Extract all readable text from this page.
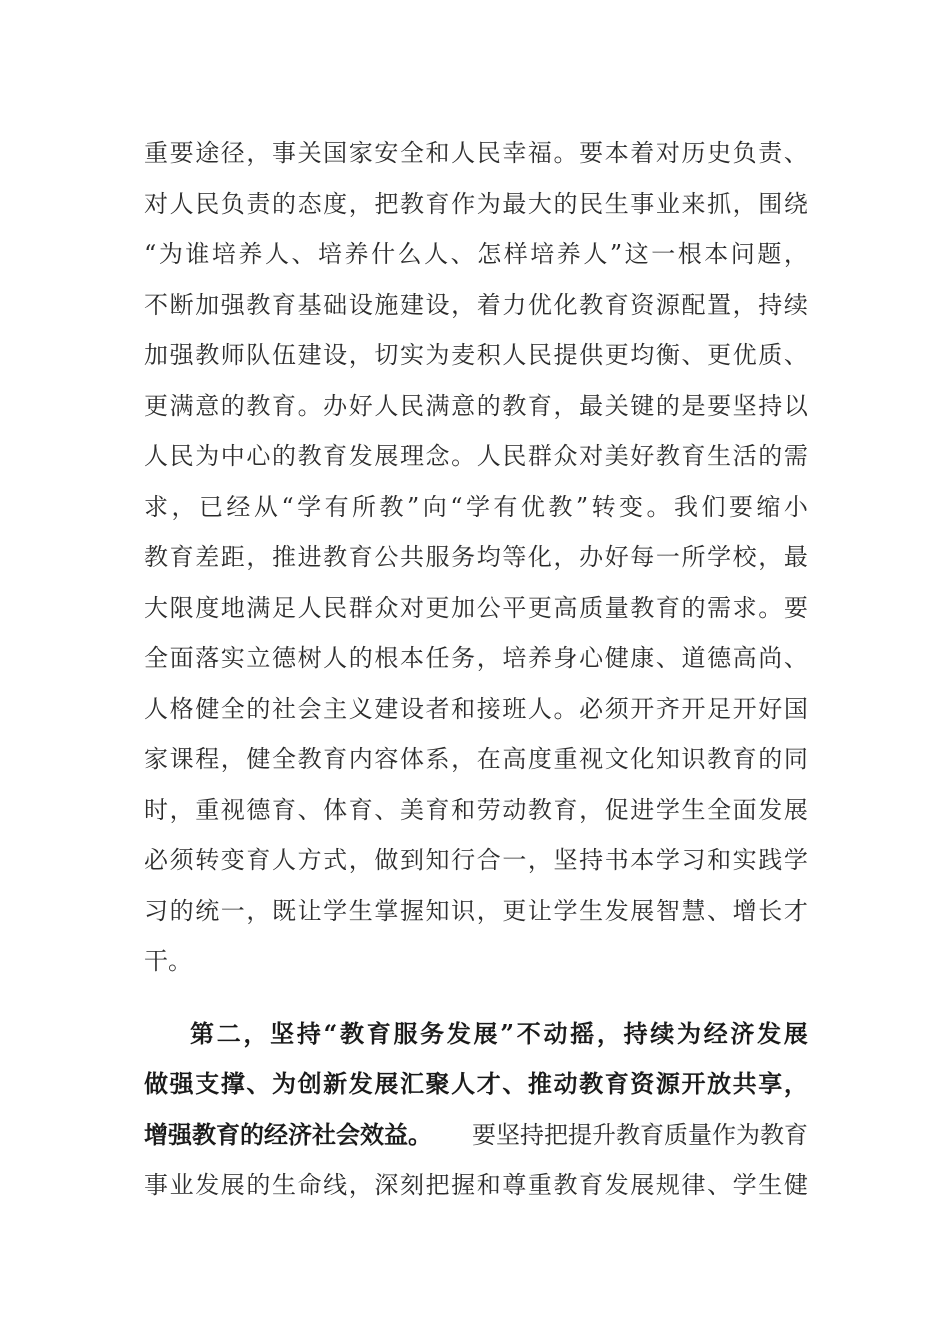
重 要 途 径 ， 事 关 国 家 安 全 和 人 民 幸 福 。 要 本 着 对 历 史 负 责 、
对 人 民 负 责 的 态 度 ， 把 教 育 作 为 最 大 的 民 生 事 业 来 抓 ， 围 绕
“ 为 谁 培 养 人 、 培 养 什 么 人 、 怎 样 培 养 人 ” 这 一 根 本 问 题 ，
不 断 加 强 教 育 基 础 设 施 建 设 ， 着 力 优 化 教 育 资 源 配 置 ， 持 续
加 强 教 师 队 伍 建 设 ， 切 实 为 麦 积 人 民 提 供 更 均 衡 、 更 优 质 、
更 满 意 的 教 育 。 办 好 人 民 满 意 的 教 育 ， 最 关 键 的 是 要 坚 持 以
人 民 为 中 心 的 教 育 发 展 理 念 。 人 民 群 众 对 美 好 教 育 生 活 的 需
求 ， 已 经 从 “ 学 有 所 教 ” 向 “ 学 有 优 教 ” 转 变 。 我 们 要 缩 小
教 育 差 距 ， 推 进 教 育 公 共 服 务 均 等 化 ， 办 好 每 一 所 学 校 ， 最
大 限 度 地 满 足 人 民 群 众 对 更 加 公 平 更 高 质 量 教 育 的 需 求 。 要
全 面 落 实 立 德 树 人 的 根 本 任 务 ， 培 养 身 心 健 康 、 道 德 高 尚 、
人 格 健 全 的 社 会 主 义 建 设 者 和 接 班 人 。 必 须 开 齐 开 足 开 好 国
家 课 程 ， 健 全 教 育 内 容 体 系 ， 在 高 度 重 视 文 化 知 识 教 育 的 同
时 ， 重 视 德 育 、 体 育 、 美 育 和 劳 动 教 育 ， 促 进 学 生 全 面 发 展
必 须 转 变 育 人 方 式 ， 做 到 知 行 合 一 ， 坚 持 书 本 学 习 和 实 践 学
习 的 统 一 ， 既 让 学 生 掌 握 知 识 ， 更 让 学 生 发 展 智 慧 、 增 长 才
干。
第 二 ， 坚 持 “ 教 育 服 务 发 展 ” 不 动 摇 ， 持 续 为 经 济 发 展
做 强 支 撑 、 为 创 新 发 展 汇 聚 人 才 、 推 动 教 育 资 源 开 放 共 享 ，
增强教育的经济社会效益。 要坚持把提升教育质量作为教育
事 业 发 展 的 生 命 线 ， 深 刻 把 握 和 尊 重 教 育 发 展 规 律 、 学 生 健
